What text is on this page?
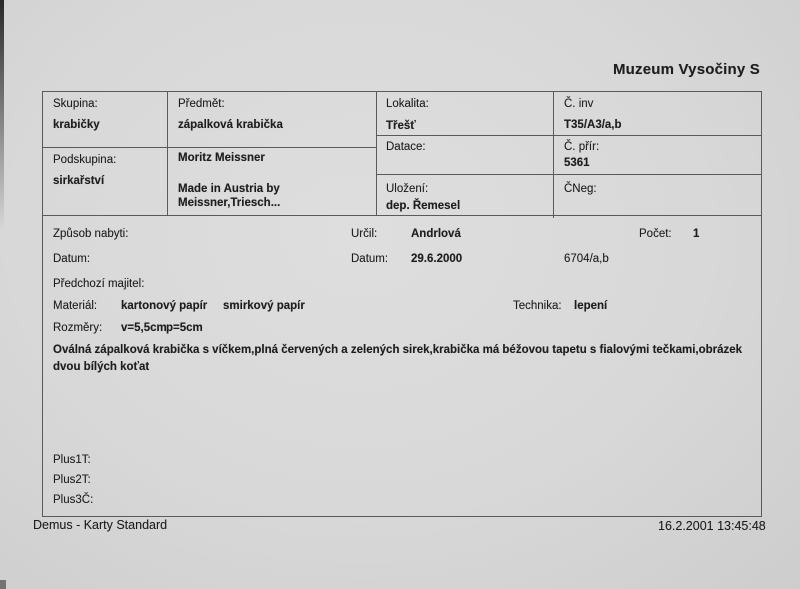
Muzeum Vysočiny S
Skupina:
krabičky
Předmět:
zápalková krabička
Podskupina:
sirkařství
Moritz Meissner
Made in Austria by
Meissner,Triesch...
Lokalita:
Třešť
Č. inv
T35/A3/a,b
Datace:	Č. přír:
5361
Uložení:
dep. Řemesel
ČNeg:
Způsob nabyti:	Určil:	Andrlová	Počet: 1
Datum:	Datum: 29.6.2000	6704/a,b
Předchozí majitel:
Materiál: kartonový papír smirkový papír	Technika: lepení
Rozměry: v=5,5cm p=5cm
Oválná zápalková krabička s víčkem,plná červených a zelených sirek,krabička má béžovou tapetu s fialovými tečkami,obrázek dvou bílých koťat
Plus1T:
Plus2T:
Plus3Č:
Demus - Karty Standard	16.2.2001 13:45:48
